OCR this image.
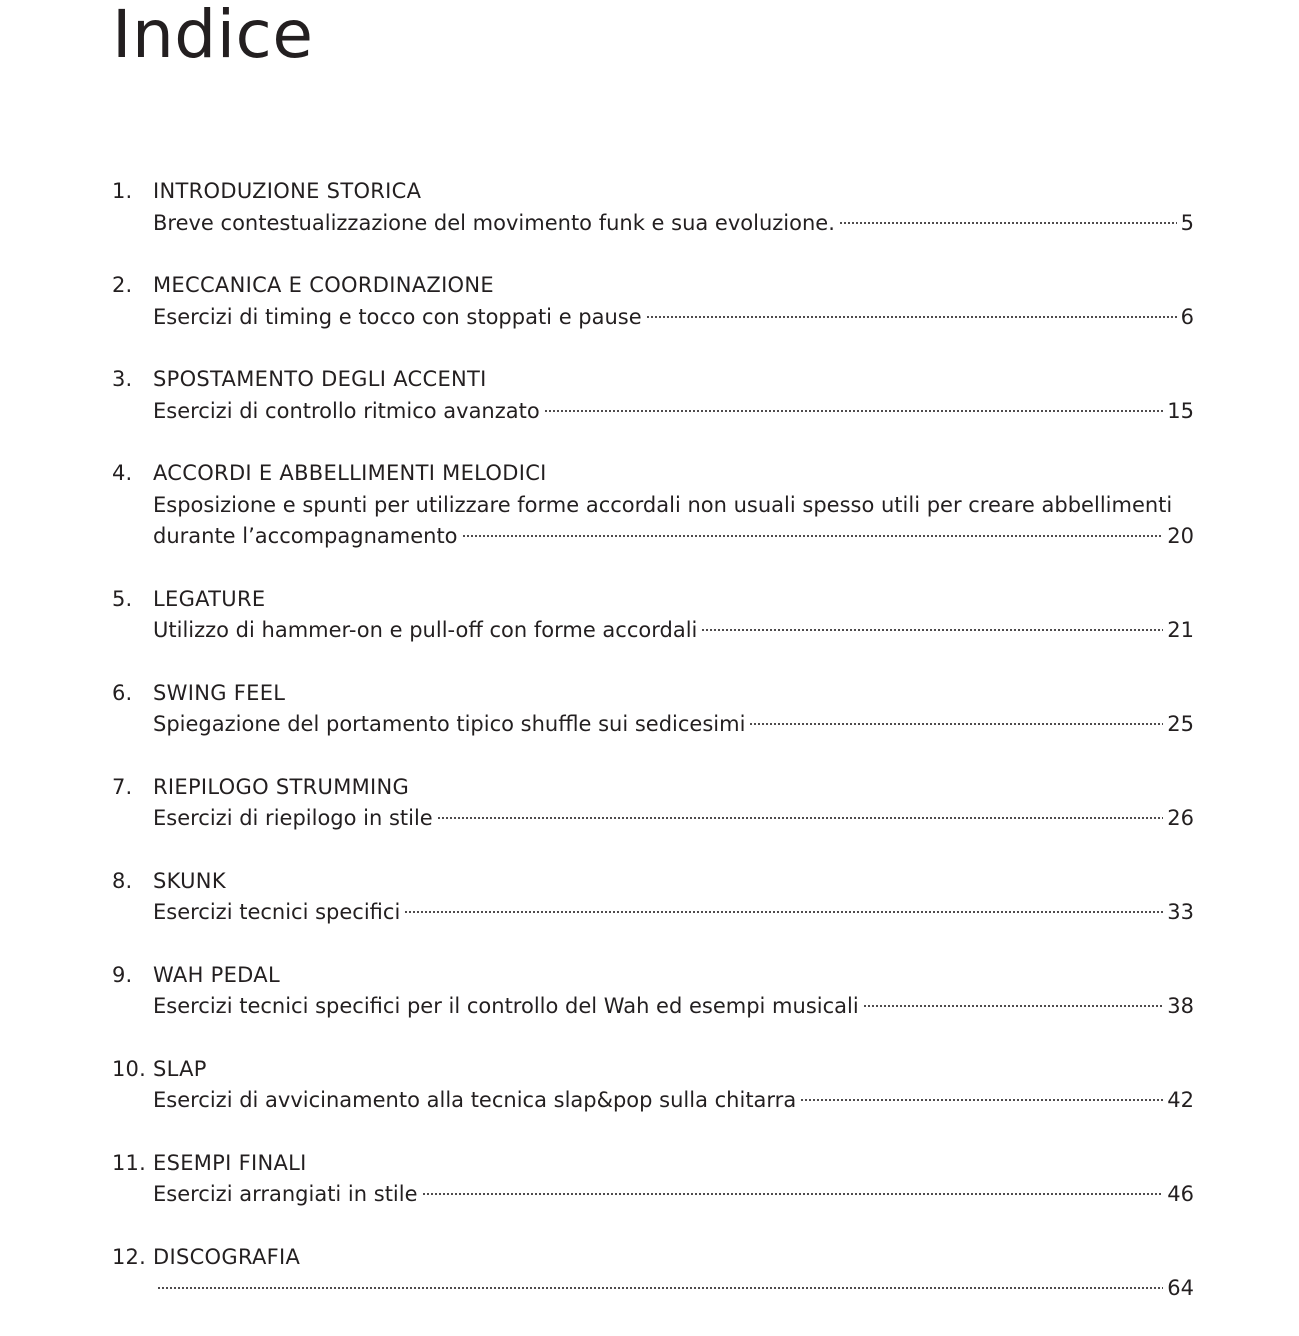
Indice
1. INTRODUZIONE STORICA
Breve contestualizzazione del movimento funk e sua evoluzione.	5
2. MECCANICA E COORDINAZIONE
Esercizi di timing e tocco con stoppati e pause	6
3. SPOSTAMENTO DEGLI ACCENTI
Esercizi di controllo ritmico avanzato	15
4. ACCORDI E ABBELLIMENTI MELODICI
Esposizione e spunti per utilizzare forme accordali non usuali spesso utili per creare abbellimenti
durante l’accompagnamento	20
5. LEGATURE
Utilizzo di hammer-on e pull-off con forme accordali	21
6. SWING FEEL
Spiegazione del portamento tipico shuffle sui sedicesimi	25
7. RIEPILOGO STRUMMING
Esercizi di riepilogo in stile	26
8. SKUNK
Esercizi tecnici specifici	33
9. WAH PEDAL
Esercizi tecnici specifici per il controllo del Wah ed esempi musicali	38
10. SLAP
Esercizi di avvicinamento alla tecnica slap&pop sulla chitarra	42
11. ESEMPI FINALI
Esercizi arrangiati in stile	46
12. DISCOGRAFIA
64
